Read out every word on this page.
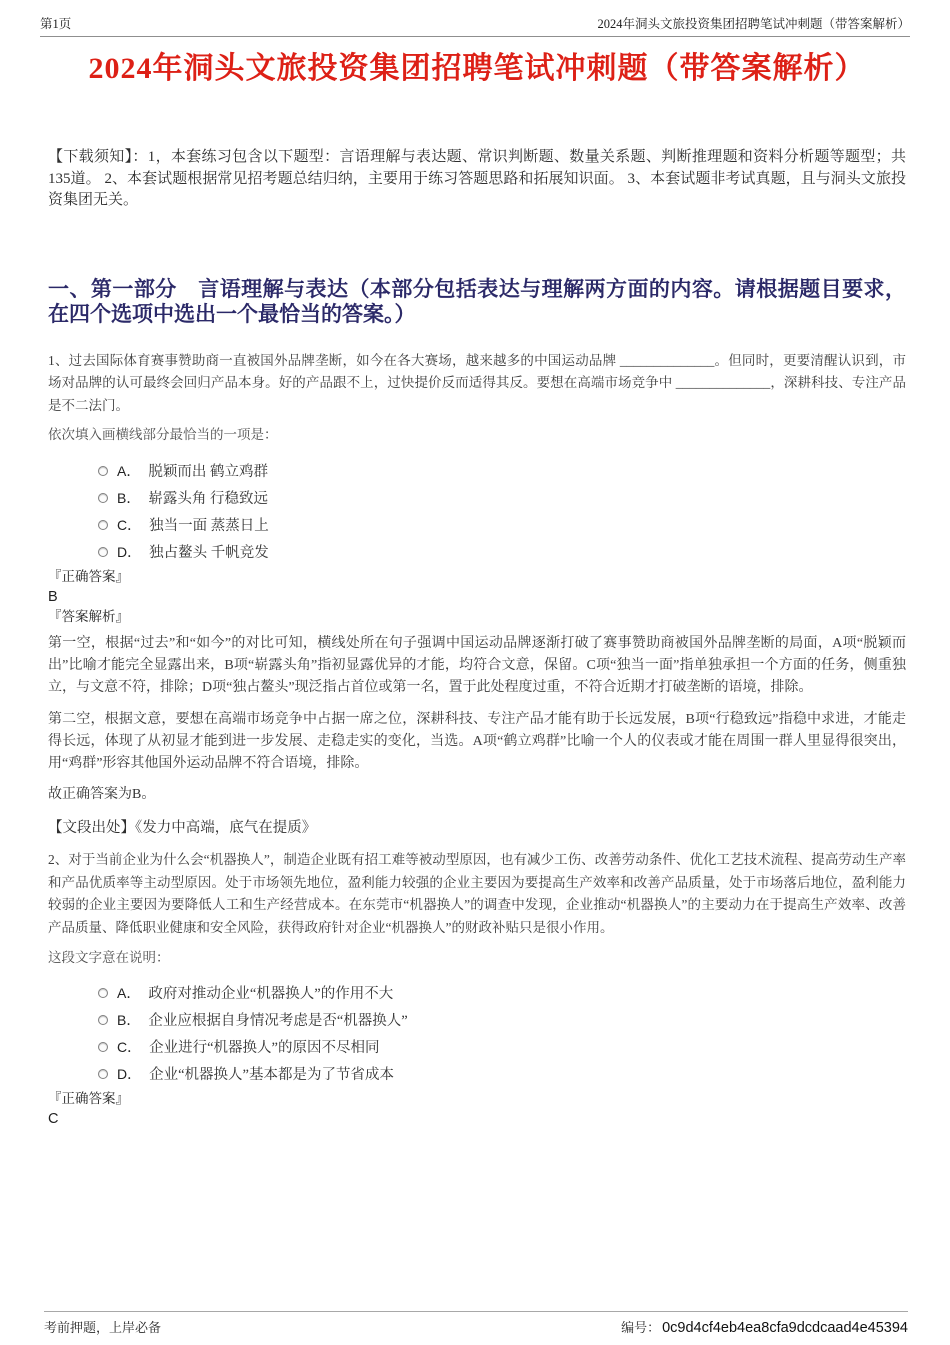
第1页	2024年洞头文旅投资集团招聘笔试冲刺题（带答案解析）
2024年洞头文旅投资集团招聘笔试冲刺题（带答案解析）

【下载须知】：1，本套练习包含以下题型：言语理解与表达题、常识判断题、数量关系题、判断推理题和资料分析题等题型；共135道。 2、本套试题根据常见招考题总结归纳，主要用于练习答题思路和拓展知识面。 3、本套试题非考试真题，且与洞头文旅投资集团无关。

一、第一部分　言语理解与表达（本部分包括表达与理解两方面的内容。请根据题目要求，在四个选项中选出一个最恰当的答案。）

1、过去国际体育赛事赞助商一直被国外品牌垄断，如今在各大赛场，越来越多的中国运动品牌 ______________。但同时，更要清醒认识到，市场对品牌的认可最终会回归产品本身。好的产品跟不上，过快提价反而适得其反。要想在高端市场竞争中 ______________，深耕科技、专注产品是不二法门。

依次填入画横线部分最恰当的一项是：

A． 脱颖而出 鹤立鸡群
B． 崭露头角 行稳致远
C． 独当一面 蒸蒸日上
D． 独占鳌头 千帆竞发

『正确答案』

B

『答案解析』

第一空，根据“过去”和“如今”的对比可知，横线处所在句子强调中国运动品牌逐渐打破了赛事赞助商被国外品牌垄断的局面，A项“脱颖而出”比喻才能完全显露出来，B项“崭露头角”指初显露优异的才能，均符合文意，保留。C项“独当一面”指单独承担一个方面的任务，侧重独立，与文意不符，排除；D项“独占鳌头”现泛指占首位或第一名，置于此处程度过重，不符合近期才打破垄断的语境，排除。

第二空，根据文意，要想在高端市场竞争中占据一席之位，深耕科技、专注产品才能有助于长远发展，B项“行稳致远”指稳中求进，才能走得长远，体现了从初显才能到进一步发展、走稳走实的变化，当选。A项“鹤立鸡群”比喻一个人的仪表或才能在周围一群人里显得很突出，用“鸡群”形容其他国外运动品牌不符合语境，排除。

故正确答案为B。

【文段出处】《发力中高端，底气在提质》

2、对于当前企业为什么会“机器换人”，制造企业既有招工难等被动型原因，也有减少工伤、改善劳动条件、优化工艺技术流程、提高劳动生产率和产品优质率等主动型原因。处于市场领先地位，盈利能力较强的企业主要因为要提高生产效率和改善产品质量，处于市场落后地位，盈利能力较弱的企业主要因为要降低人工和生产经营成本。在东莞市“机器换人”的调查中发现，企业推动“机器换人”的主要动力在于提高生产效率、改善产品质量、降低职业健康和安全风险，获得政府针对企业“机器换人”的财政补贴只是很小作用。

这段文字意在说明：

A． 政府对推动企业“机器换人”的作用不大
B． 企业应根据自身情况考虑是否“机器换人”
C． 企业进行“机器换人”的原因不尽相同
D． 企业“机器换人”基本都是为了节省成本

『正确答案』

C

考前押题，上岸必备	编号： 0c9d4cf4eb4ea8cfa9dcdcaad4e45394
